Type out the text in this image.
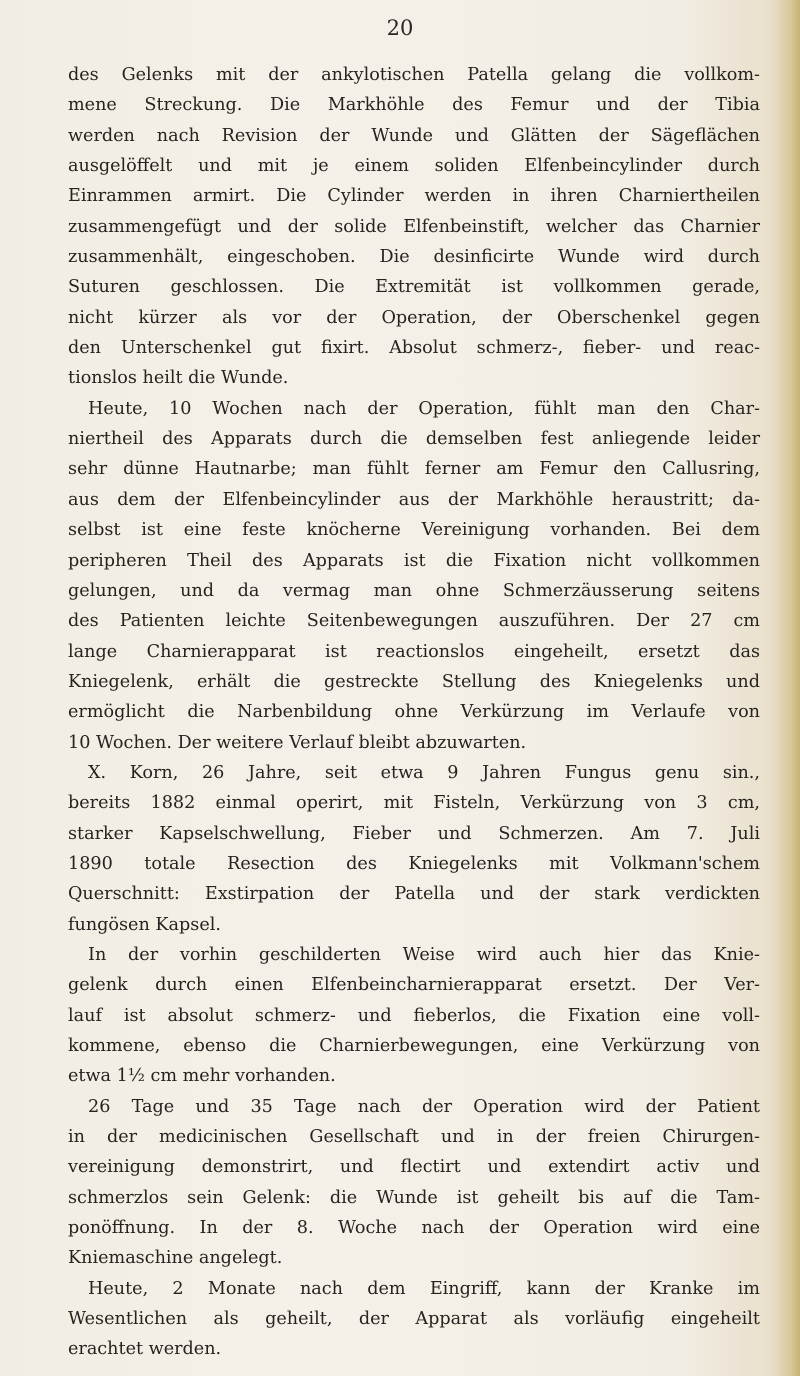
20
des Gelenks mit der ankylotischen Patella gelang die vollkom-
mene Streckung. Die Markhöhle des Femur und der Tibia
werden nach Revision der Wunde und Glätten der Sägeflächen
ausgelöffelt und mit je einem soliden Elfenbeincylinder durch
Einrammen armirt. Die Cylinder werden in ihren Charniertheilen
zusammengefügt und der solide Elfenbeinstift, welcher das Charnier
zusammenhält, eingeschoben. Die desinficirte Wunde wird durch
Suturen geschlossen. Die Extremität ist vollkommen gerade,
nicht kürzer als vor der Operation, der Oberschenkel gegen
den Unterschenkel gut fixirt. Absolut schmerz-, fieber- und reac-
tionslos heilt die Wunde.
Heute, 10 Wochen nach der Operation, fühlt man den Char-
niertheil des Apparats durch die demselben fest anliegende leider
sehr dünne Hautnarbe; man fühlt ferner am Femur den Callusring,
aus dem der Elfenbeincylinder aus der Markhöhle heraustritt; da-
selbst ist eine feste knöcherne Vereinigung vorhanden. Bei dem
peripheren Theil des Apparats ist die Fixation nicht vollkommen
gelungen, und da vermag man ohne Schmerzäusserung seitens
des Patienten leichte Seitenbewegungen auszuführen. Der 27 cm
lange Charnierapparat ist reactionslos eingeheilt, ersetzt das
Kniegelenk, erhält die gestreckte Stellung des Kniegelenks und
ermöglicht die Narbenbildung ohne Verkürzung im Verlaufe von
10 Wochen. Der weitere Verlauf bleibt abzuwarten.
X. Korn, 26 Jahre, seit etwa 9 Jahren Fungus genu sin.,
bereits 1882 einmal operirt, mit Fisteln, Verkürzung von 3 cm,
starker Kapselschwellung, Fieber und Schmerzen. Am 7. Juli
1890 totale Resection des Kniegelenks mit Volkmann'schem
Querschnitt: Exstirpation der Patella und der stark verdickten
fungösen Kapsel.
In der vorhin geschilderten Weise wird auch hier das Knie-
gelenk durch einen Elfenbeincharnierapparat ersetzt. Der Ver-
lauf ist absolut schmerz- und fieberlos, die Fixation eine voll-
kommene, ebenso die Charnierbewegungen, eine Verkürzung von
etwa 1½ cm mehr vorhanden.
26 Tage und 35 Tage nach der Operation wird der Patient
in der medicinischen Gesellschaft und in der freien Chirurgen-
vereinigung demonstrirt, und flectirt und extendirt activ und
schmerzlos sein Gelenk: die Wunde ist geheilt bis auf die Tam-
ponöffnung. In der 8. Woche nach der Operation wird eine
Kniemaschine angelegt.
Heute, 2 Monate nach dem Eingriff, kann der Kranke im
Wesentlichen als geheilt, der Apparat als vorläufig eingeheilt
erachtet werden.
